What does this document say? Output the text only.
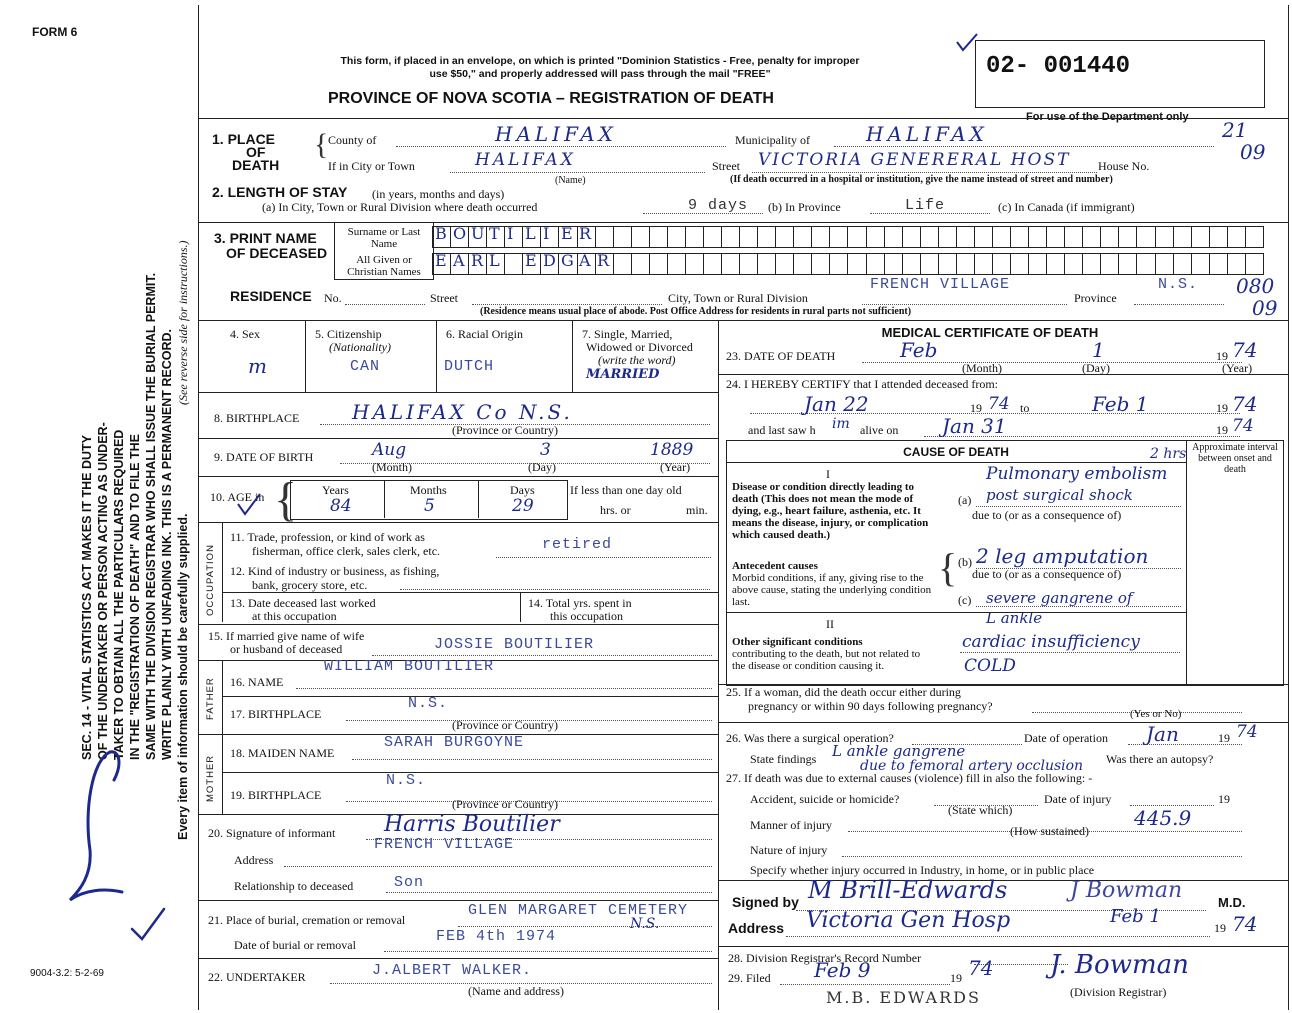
FORM 6
SEC. 14 - VITAL STATISTICS ACT MAKES IT THE DUTY OF THE UNDERTAKER OR PERSON ACTING AS UNDER- TAKER TO OBTAIN ALL THE PARTICULARS REQUIRED IN THE "REGISTRATION OF DEATH" AND TO FILE THE SAME WITH THE DIVISION REGISTRAR WHO SHALL ISSUE THE BURIAL PERMIT. WRITE PLAINLY WITH UNFADING INK. THIS IS A PERMANENT RECORD.
(See reverse side for instructions.)
Every item of information should be carefully supplied.
9004-3.2: 5-2-69
This form, if placed in an envelope, on which is printed "Dominion Statistics - Free, penalty for improper
use $50," and properly addressed will pass through the mail "FREE"
PROVINCE OF NOVA SCOTIA – REGISTRATION OF DEATH
02- 001440
For use of the Department only
21
09
080
09
1. PLACE
OF
DEATH
{ County of	HALIFAX	Municipality of	HALIFAX
If in City or Town	HALIFAX
(Name)
Street VICTORIA GENERERAL HOST House No.
(If death occurred in a hospital or institution, give the name instead of street and number)
2. LENGTH OF STAY (in years, months and days)
(a) In City, Town or Rural Division where death occurred	9 days (b) In Province	Life	(c) In Canada (if immigrant)
3. PRINT NAME
OF DECEASED
Surname or Last Name
All Given or Christian Names
B O U T I L I E R
E A R L E D G A R
RESIDENCE No.	Street	City, Town or Rural Division
FRENCH VILLAGE
Province
N.S.
(Residence means usual place of abode. Post Office Address for residents in rural parts not sufficient)
4. Sex
m
5. Citizenship
(Nationality)
CAN
6. Racial Origin
DUTCH
7. Single, Married,
Widowed or Divorced
(write the word)
MARRIED
8. BIRTHPLACE	HALIFAX Co N.S.
(Province or Country)
9. DATE OF BIRTH	Aug	3	1889
(Month)	(Day)	(Year)
10. AGE in { Years	Months	Days
84	5	29
If less than one day old
hrs. or	min.
OCCUPATION
11. Trade, profession, or kind of work as
fisherman, office clerk, sales clerk, etc.	retired
12. Kind of industry or business, as fishing,
bank, grocery store, etc.
13. Date deceased last worked
at this occupation
14. Total yrs. spent in
this occupation
15. If married give name of wife
or husband of deceased	JOSSIE BOUTILIER
FATHER
WILLIAM BOUTILIER
16. NAME
N.S.
17. BIRTHPLACE
(Province or Country)
MOTHER
SARAH BURGOYNE
18. MAIDEN NAME
N.S.
19. BIRTHPLACE
(Province or Country)
20. Signature of informant Harris Boutilier
FRENCH VILLAGE
Address
Relationship to deceased	Son
21. Place of burial, cremation or removal
GLEN MARGARET CEMETERY
N.S.
Date of burial or removal	FEB 4th 1974
22. UNDERTAKER	J.ALBERT WALKER.
(Name and address)
MEDICAL CERTIFICATE OF DEATH
23. DATE OF DEATH	Feb	1	19 74
(Month)	(Day)	(Year)
24. I HEREBY CERTIFY that I attended deceased from:
Jan 22	19 74 to	Feb 1	19 74
and last saw h im alive on Jan 31	19 74
CAUSE OF DEATH	Approximate interval between onset and death
I
Disease or condition directly leading to death (This does not mean the mode of dying, e.g., heart failure, asthenia, etc. It means the disease, injury, or complication which caused death.)
Pulmonary embolism
2 hrs
(a) post surgical shock
due to (or as a consequence of)
{
Antecedent causes
Morbid conditions, if any, giving rise to the above cause, stating the underlying condition last.
(b) 2 leg amputation
due to (or as a consequence of)
(c) severe gangrene of L ankle
II
Other significant conditions
contributing to the death, but not related to the disease or condition causing it.
cardiac insufficiency
COLD
25. If a woman, did the death occur either during
pregnancy or within 90 days following pregnancy?
(Yes or No)
26. Was there a surgical operation?	Date of operation Jan	19 74
State findings L ankle gangrene
due to femoral artery occlusion Was there an autopsy?
27. If death was due to external causes (violence) fill in also the following: -
Accident, suicide or homicide?	Date of injury	19
(State which)
Manner of injury	445.9
(How sustained)
Nature of injury
Specify whether injury occurred in Industry, in home, or in public place
Signed by M Brill-Edwards	J Bowman	M.D.
Address Victoria Gen Hosp	Feb 1
19 74
28. Division Registrar's Record Number
29. Filed Feb 9	19 74 J. Bowman
(Division Registrar)
M.B. EDWARDS
